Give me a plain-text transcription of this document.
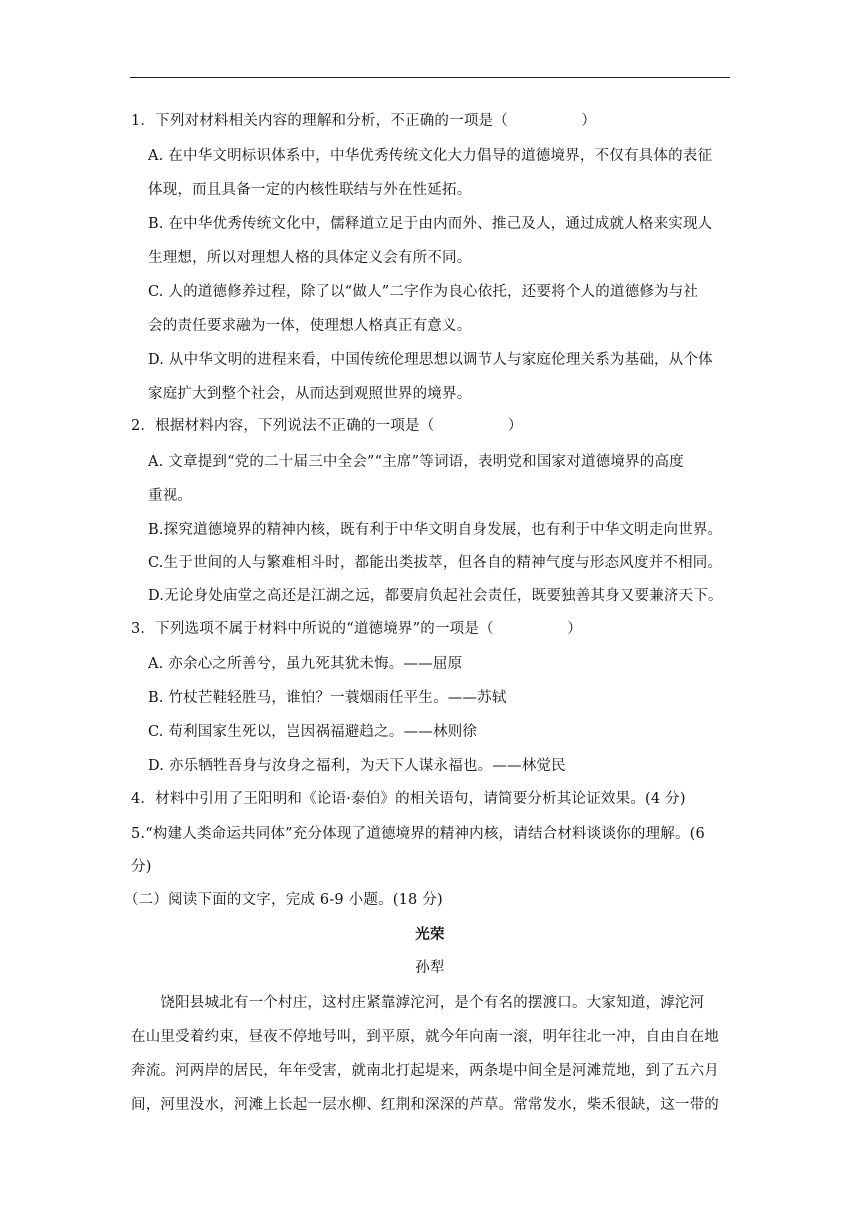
1．下列对材料相关内容的理解和分析，不正确的一项是（　　　　　）
A. 在中华文明标识体系中，中华优秀传统文化大力倡导的道德境界，不仅有具体的表征
体现，而且具备一定的内核性联结与外在性延拓。
B. 在中华优秀传统文化中，儒释道立足于由内而外、推己及人，通过成就人格来实现人
生理想，所以对理想人格的具体定义会有所不同。
C. 人的道德修养过程，除了以“做人”二字作为良心依托，还要将个人的道德修为与社
会的责任要求融为一体，使理想人格真正有意义。
D. 从中华文明的进程来看，中国传统伦理思想以调节人与家庭伦理关系为基础，从个体
家庭扩大到整个社会，从而达到观照世界的境界。
2．根据材料内容，下列说法不正确的一项是（　　　　　）
A. 文章提到“党的二十届三中全会”“主席”等词语，表明党和国家对道德境界的高度
重视。
B.探究道德境界的精神内核，既有利于中华文明自身发展，也有利于中华文明走向世界。
C.生于世间的人与繁难相斗时，都能出类拔萃，但各自的精神气度与形态风度并不相同。
D.无论身处庙堂之高还是江湖之远，都要肩负起社会责任，既要独善其身又要兼济天下。
3．下列选项不属于材料中所说的“道德境界”的一项是（　　　　　）
A. 亦余心之所善兮，虽九死其犹未悔。——屈原
B. 竹杖芒鞋轻胜马，谁怕？一蓑烟雨任平生。——苏轼
C. 苟利国家生死以，岂因祸福避趋之。——林则徐
D. 亦乐牺牲吾身与汝身之福利，为天下人谋永福也。——林觉民
4．材料中引用了王阳明和《论语·泰伯》的相关语句，请简要分析其论证效果。(4 分)
5.“构建人类命运共同体”充分体现了道德境界的精神内核，请结合材料谈谈你的理解。(6
分)
（二）阅读下面的文字，完成 6-9 小题。(18 分)
光荣
孙犁
　　饶阳县城北有一个村庄，这村庄紧靠滹沱河，是个有名的摆渡口。大家知道，滹沱河
在山里受着约束，昼夜不停地号叫，到平原，就今年向南一滚，明年往北一冲，自由自在地
奔流。河两岸的居民，年年受害，就南北打起堤来，两条堤中间全是河滩荒地，到了五六月
间，河里没水，河滩上长起一层水柳、红荆和深深的芦草。常常发水，柴禾很缺，这一带的
